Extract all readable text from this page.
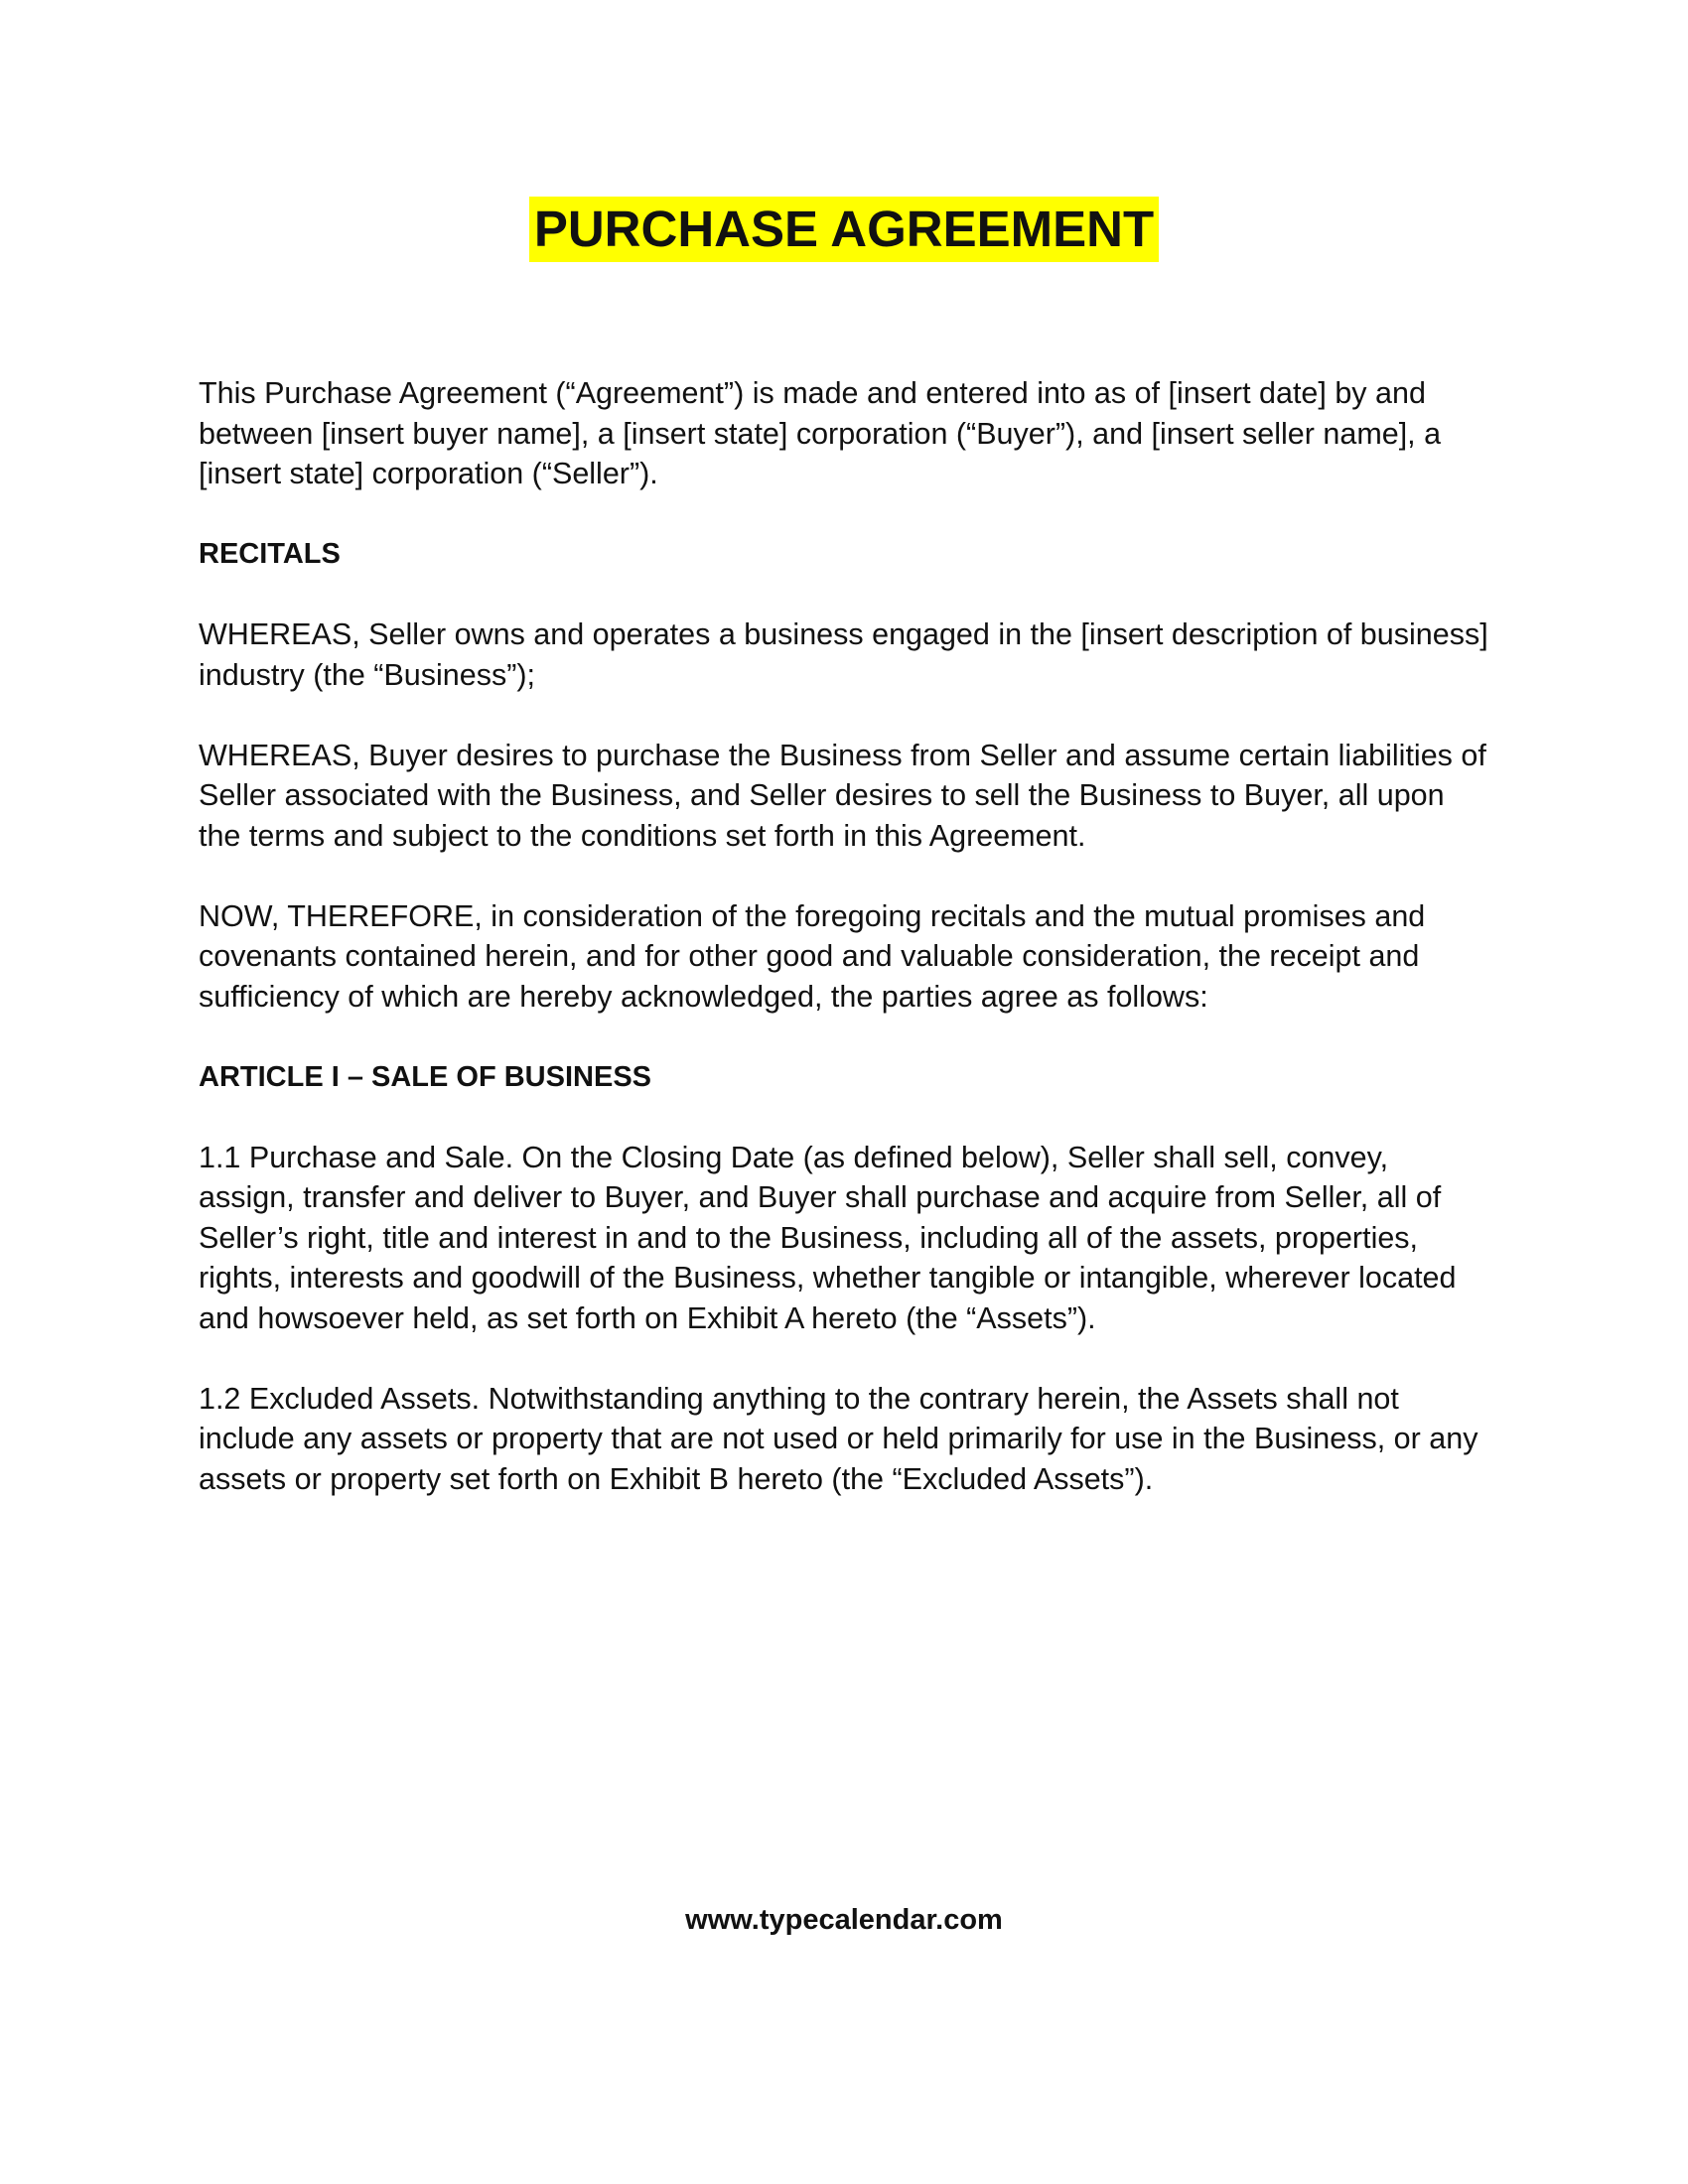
PURCHASE AGREEMENT

This Purchase Agreement (“Agreement”) is made and entered into as of [insert date] by and between [insert buyer name], a [insert state] corporation (“Buyer”), and [insert seller name], a [insert state] corporation (“Seller”).

RECITALS

WHEREAS, Seller owns and operates a business engaged in the [insert description of business] industry (the “Business”);

WHEREAS, Buyer desires to purchase the Business from Seller and assume certain liabilities of Seller associated with the Business, and Seller desires to sell the Business to Buyer, all upon the terms and subject to the conditions set forth in this Agreement.

NOW, THEREFORE, in consideration of the foregoing recitals and the mutual promises and covenants contained herein, and for other good and valuable consideration, the receipt and sufficiency of which are hereby acknowledged, the parties agree as follows:

ARTICLE I – SALE OF BUSINESS

1.1 Purchase and Sale. On the Closing Date (as defined below), Seller shall sell, convey, assign, transfer and deliver to Buyer, and Buyer shall purchase and acquire from Seller, all of Seller’s right, title and interest in and to the Business, including all of the assets, properties, rights, interests and goodwill of the Business, whether tangible or intangible, wherever located and howsoever held, as set forth on Exhibit A hereto (the “Assets”).

1.2 Excluded Assets. Notwithstanding anything to the contrary herein, the Assets shall not include any assets or property that are not used or held primarily for use in the Business, or any assets or property set forth on Exhibit B hereto (the “Excluded Assets”).

www.typecalendar.com
